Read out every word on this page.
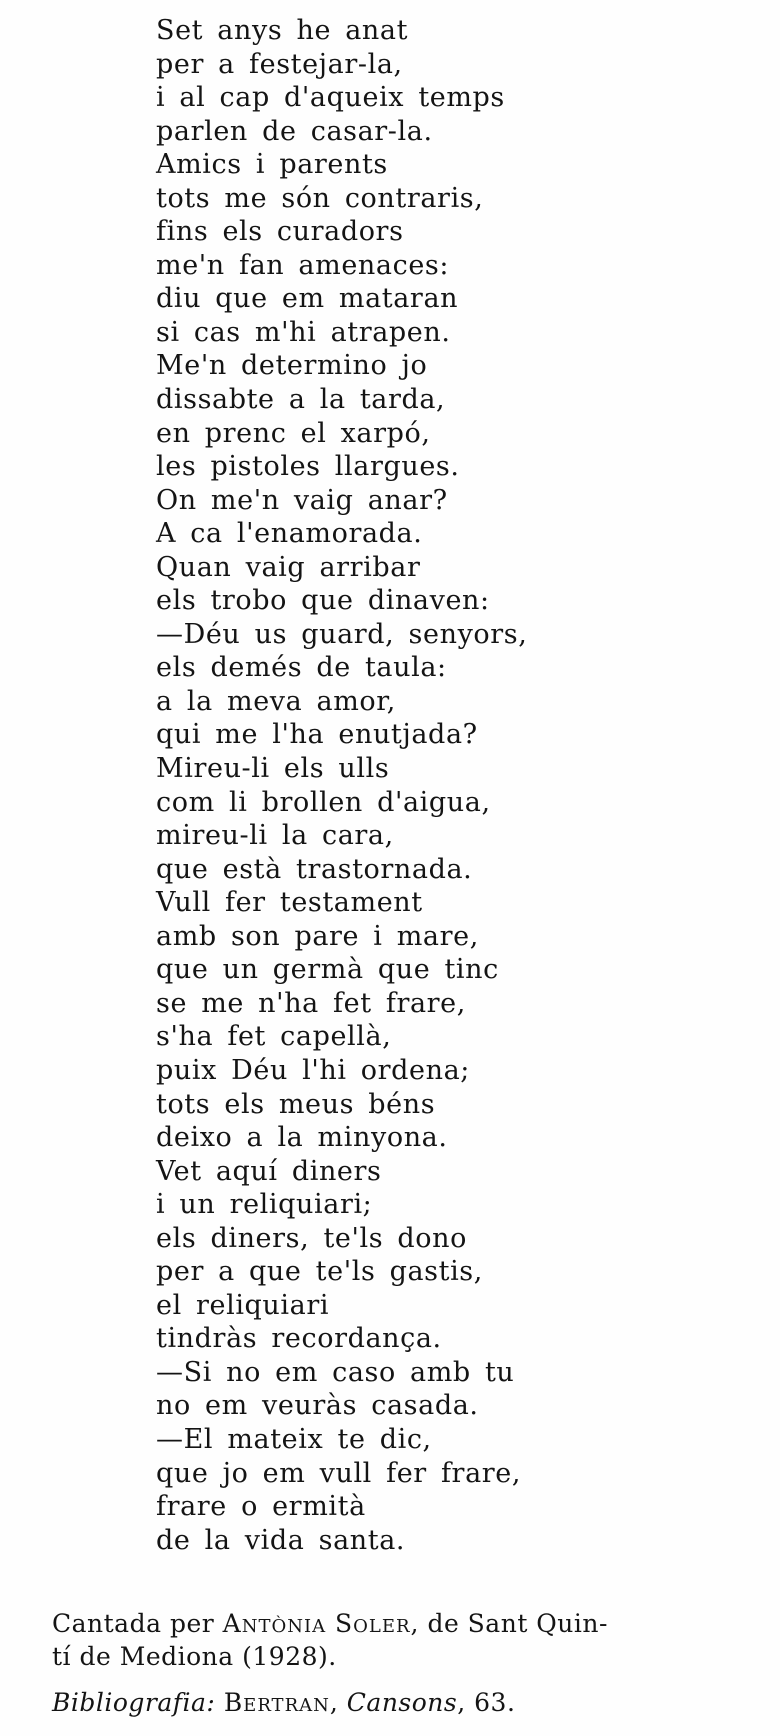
Set anys he anat
per a festejar-la,
i al cap d'aqueix temps
parlen de casar-la.
Amics i parents
tots me són contraris,
fins els curadors
me'n fan amenaces:
diu que em mataran
si cas m'hi atrapen.
Me'n determino jo
dissabte a la tarda,
en prenc el xarpó,
les pistoles llargues.
On me'n vaig anar?
A ca l'enamorada.
Quan vaig arribar
els trobo que dinaven:
—Déu us guard, senyors,
els demés de taula:
a la meva amor,
qui me l'ha enutjada?
Mireu-li els ulls
com li brollen d'aigua,
mireu-li la cara,
que està trastornada.
Vull fer testament
amb son pare i mare,
que un germà que tinc
se me n'ha fet frare,
s'ha fet capellà,
puix Déu l'hi ordena;
tots els meus béns
deixo a la minyona.
Vet aquí diners
i un reliquiari;
els diners, te'ls dono
per a que te'ls gastis,
el reliquiari
tindràs recordança.
—Si no em caso amb tu
no em veuràs casada.
—El mateix te dic,
que jo em vull fer frare,
frare o ermità
de la vida santa.
Cantada per Antònia Soler, de Sant Quin-
tí de Mediona (1928).
Bibliografia: Bertran, Cansons, 63.
